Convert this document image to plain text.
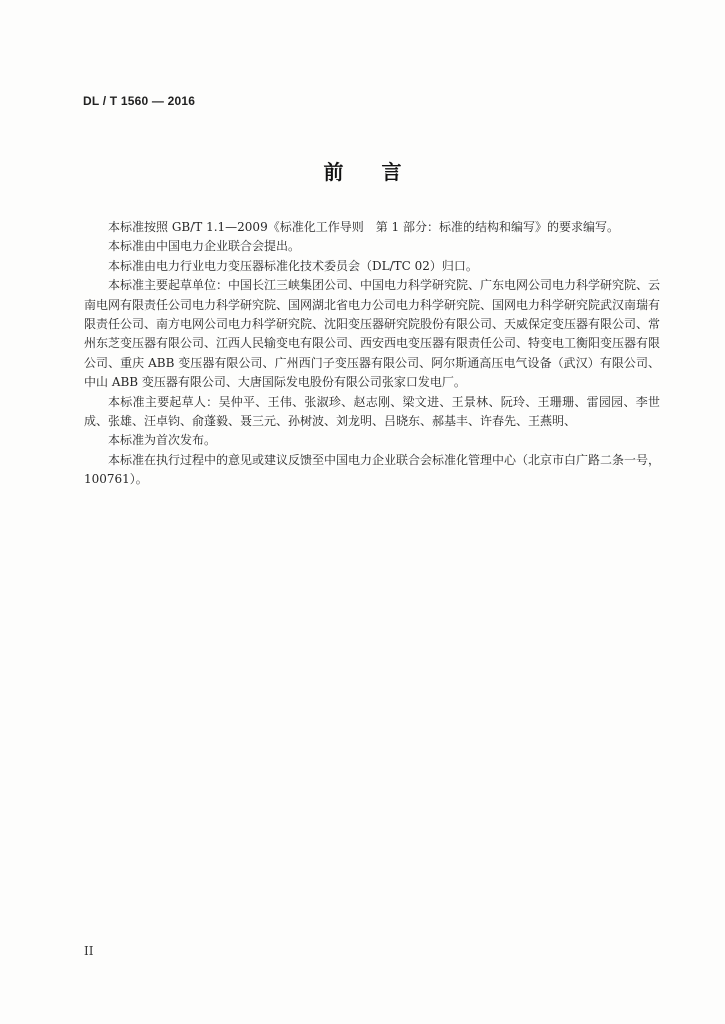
DL / T 1560 — 2016
前言

本标准按照 GB/T 1.1—2009《标准化工作导则　第 1 部分：标准的结构和编写》的要求编写。

本标准由中国电力企业联合会提出。

本标准由电力行业电力变压器标准化技术委员会（DL/TC 02）归口。

本标准主要起草单位：中国长江三峡集团公司、中国电力科学研究院、广东电网公司电力科学研究院、云南电网有限责任公司电力科学研究院、国网湖北省电力公司电力科学研究院、国网电力科学研究院武汉南瑞有限责任公司、南方电网公司电力科学研究院、沈阳变压器研究院股份有限公司、天威保定变压器有限公司、常州东芝变压器有限公司、江西人民输变电有限公司、西安西电变压器有限责任公司、特变电工衡阳变压器有限公司、重庆 ABB 变压器有限公司、广州西门子变压器有限公司、阿尔斯通高压电气设备（武汉）有限公司、中山 ABB 变压器有限公司、大唐国际发电股份有限公司张家口发电厂。

本标准主要起草人：吴仲平、王伟、张淑珍、赵志刚、梁文进、王景林、阮玲、王珊珊、雷园园、李世成、张雄、汪卓钧、俞蓬毅、聂三元、孙树波、刘龙明、吕晓东、郝基丰、许春先、王燕明、

本标准为首次发布。

本标准在执行过程中的意见或建议反馈至中国电力企业联合会标准化管理中心（北京市白广路二条一号，100761）。

II
